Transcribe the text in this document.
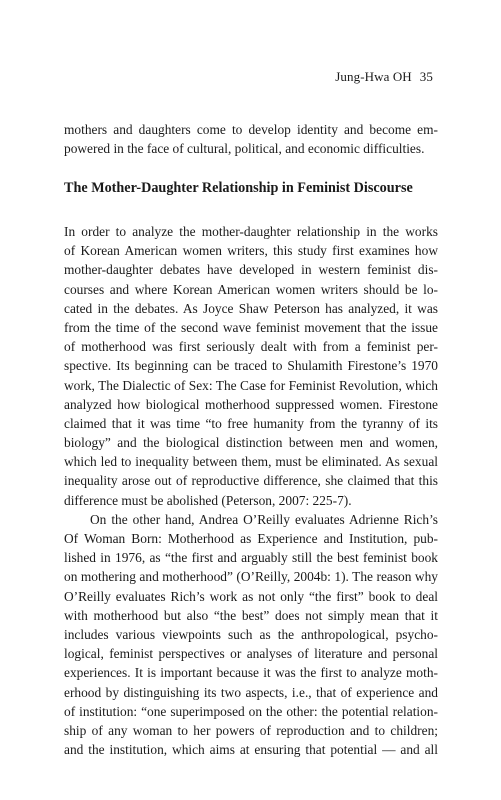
Jung-Hwa OH 35
mothers and daughters come to develop identity and become em-
powered in the face of cultural, political, and economic difficulties.
The Mother-Daughter Relationship in Feminist Discourse
In order to analyze the mother-daughter relationship in the works
of Korean American women writers, this study first examines how
mother-daughter debates have developed in western feminist dis-
courses and where Korean American women writers should be lo-
cated in the debates. As Joyce Shaw Peterson has analyzed, it was
from the time of the second wave feminist movement that the issue
of motherhood was first seriously dealt with from a feminist per-
spective. Its beginning can be traced to Shulamith Firestone’s 1970
work, The Dialectic of Sex: The Case for Feminist Revolution, which
analyzed how biological motherhood suppressed women. Firestone
claimed that it was time “to free humanity from the tyranny of its
biology” and the biological distinction between men and women,
which led to inequality between them, must be eliminated. As sexual
inequality arose out of reproductive difference, she claimed that this
difference must be abolished (Peterson, 2007: 225-7).
On the other hand, Andrea O’Reilly evaluates Adrienne Rich’s
Of Woman Born: Motherhood as Experience and Institution, pub-
lished in 1976, as “the first and arguably still the best feminist book
on mothering and motherhood” (O’Reilly, 2004b: 1). The reason why
O’Reilly evaluates Rich’s work as not only “the first” book to deal
with motherhood but also “the best” does not simply mean that it
includes various viewpoints such as the anthropological, psycho-
logical, feminist perspectives or analyses of literature and personal
experiences. It is important because it was the first to analyze moth-
erhood by distinguishing its two aspects, i.e., that of experience and
of institution: “one superimposed on the other: the potential relation-
ship of any woman to her powers of reproduction and to children;
and the institution, which aims at ensuring that potential — and all
